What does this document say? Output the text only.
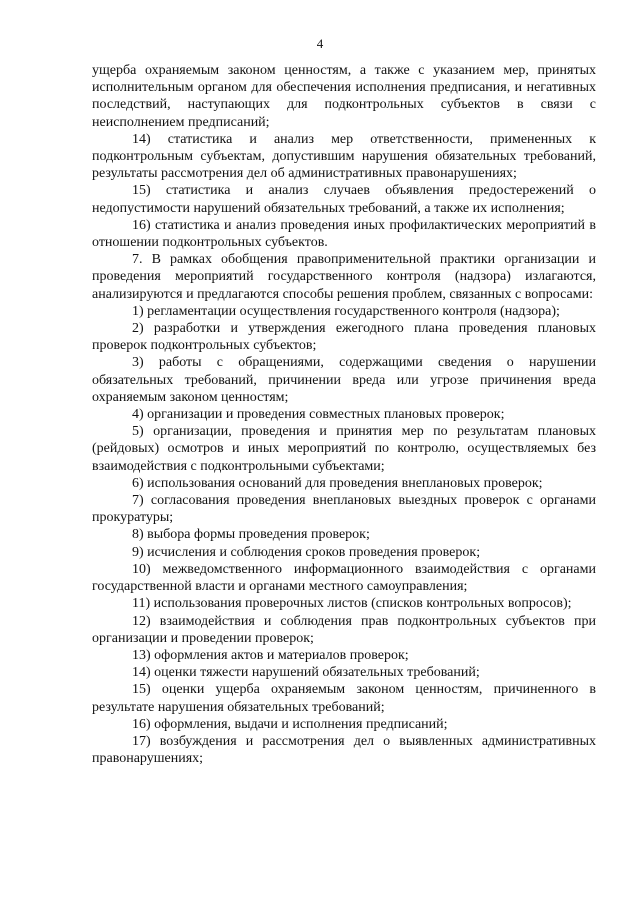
4

ущерба охраняемым законом ценностям, а также с указанием мер, принятых исполнительным органом для обеспечения исполнения предписания, и негативных последствий, наступающих для подконтрольных субъектов в связи с неисполнением предписаний;

14) статистика и анализ мер ответственности, примененных к подконтрольным субъектам, допустившим нарушения обязательных требований, результаты рассмотрения дел об административных правонарушениях;

15) статистика и анализ случаев объявления предостережений о недопустимости нарушений обязательных требований, а также их исполнения;

16) статистика и анализ проведения иных профилактических мероприятий в отношении подконтрольных субъектов.

7. В рамках обобщения правоприменительной практики организации и проведения мероприятий государственного контроля (надзора) излагаются, анализируются и предлагаются способы решения проблем, связанных с вопросами:

1) регламентации осуществления государственного контроля (надзора);

2) разработки и утверждения ежегодного плана проведения плановых проверок подконтрольных субъектов;

3) работы с обращениями, содержащими сведения о нарушении обязательных требований, причинении вреда или угрозе причинения вреда охраняемым законом ценностям;

4) организации и проведения совместных плановых проверок;

5) организации, проведения и принятия мер по результатам плановых (рейдовых) осмотров и иных мероприятий по контролю, осуществляемых без взаимодействия с подконтрольными субъектами;

6) использования оснований для проведения внеплановых проверок;

7) согласования проведения внеплановых выездных проверок с органами прокуратуры;

8) выбора формы проведения проверок;

9) исчисления и соблюдения сроков проведения проверок;

10) межведомственного информационного взаимодействия с органами государственной власти и органами местного самоуправления;

11) использования проверочных листов (списков контрольных вопросов);

12) взаимодействия и соблюдения прав подконтрольных субъектов при организации и проведении проверок;

13) оформления актов и материалов проверок;

14) оценки тяжести нарушений обязательных требований;

15) оценки ущерба охраняемым законом ценностям, причиненного в результате нарушения обязательных требований;

16) оформления, выдачи и исполнения предписаний;

17) возбуждения и рассмотрения дел о выявленных административных правонарушениях;
